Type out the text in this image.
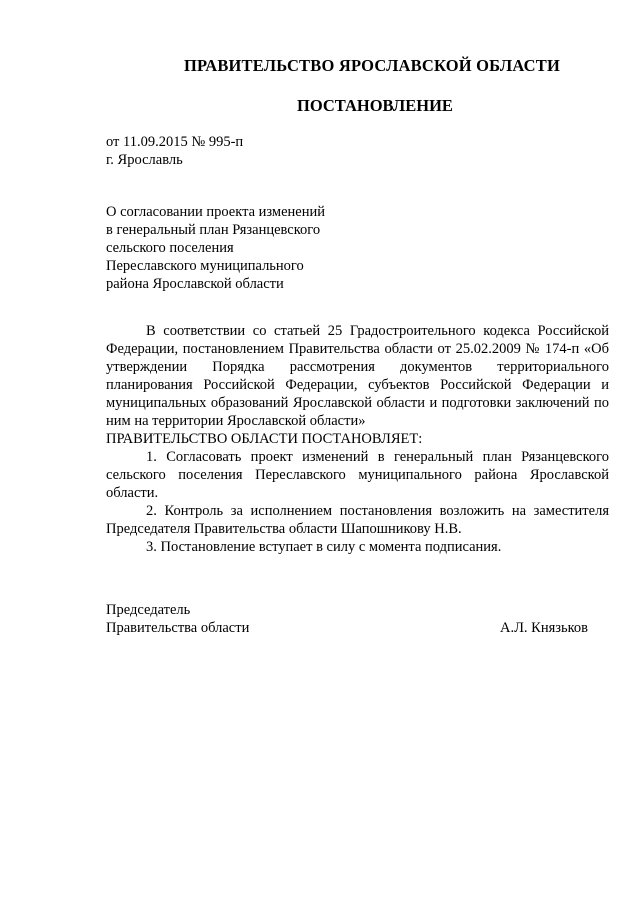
ПРАВИТЕЛЬСТВО ЯРОСЛАВСКОЙ ОБЛАСТИ
ПОСТАНОВЛЕНИЕ
от 11.09.2015 № 995-п
г. Ярославль
О согласовании проекта изменений
в генеральный план Рязанцевского
сельского поселения
Переславского муниципального
района Ярославской области

В соответствии со статьей 25 Градостроительного кодекса Российской Федерации, постановлением Правительства области от 25.02.2009 № 174-п «Об утверждении Порядка рассмотрения документов территориального планирования Российской Федерации, субъектов Российской Федерации и муниципальных образований Ярославской области и подготовки заключений по ним на территории Ярославской области»

ПРАВИТЕЛЬСТВО ОБЛАСТИ ПОСТАНОВЛЯЕТ:

1. Согласовать проект изменений в генеральный план Рязанцевского сельского поселения Переславского муниципального района Ярославской области.

2. Контроль за исполнением постановления возложить на заместителя Председателя Правительства области Шапошникову Н.В.

3. Постановление вступает в силу с момента подписания.

Председатель
Правительства области	А.Л. Князьков
